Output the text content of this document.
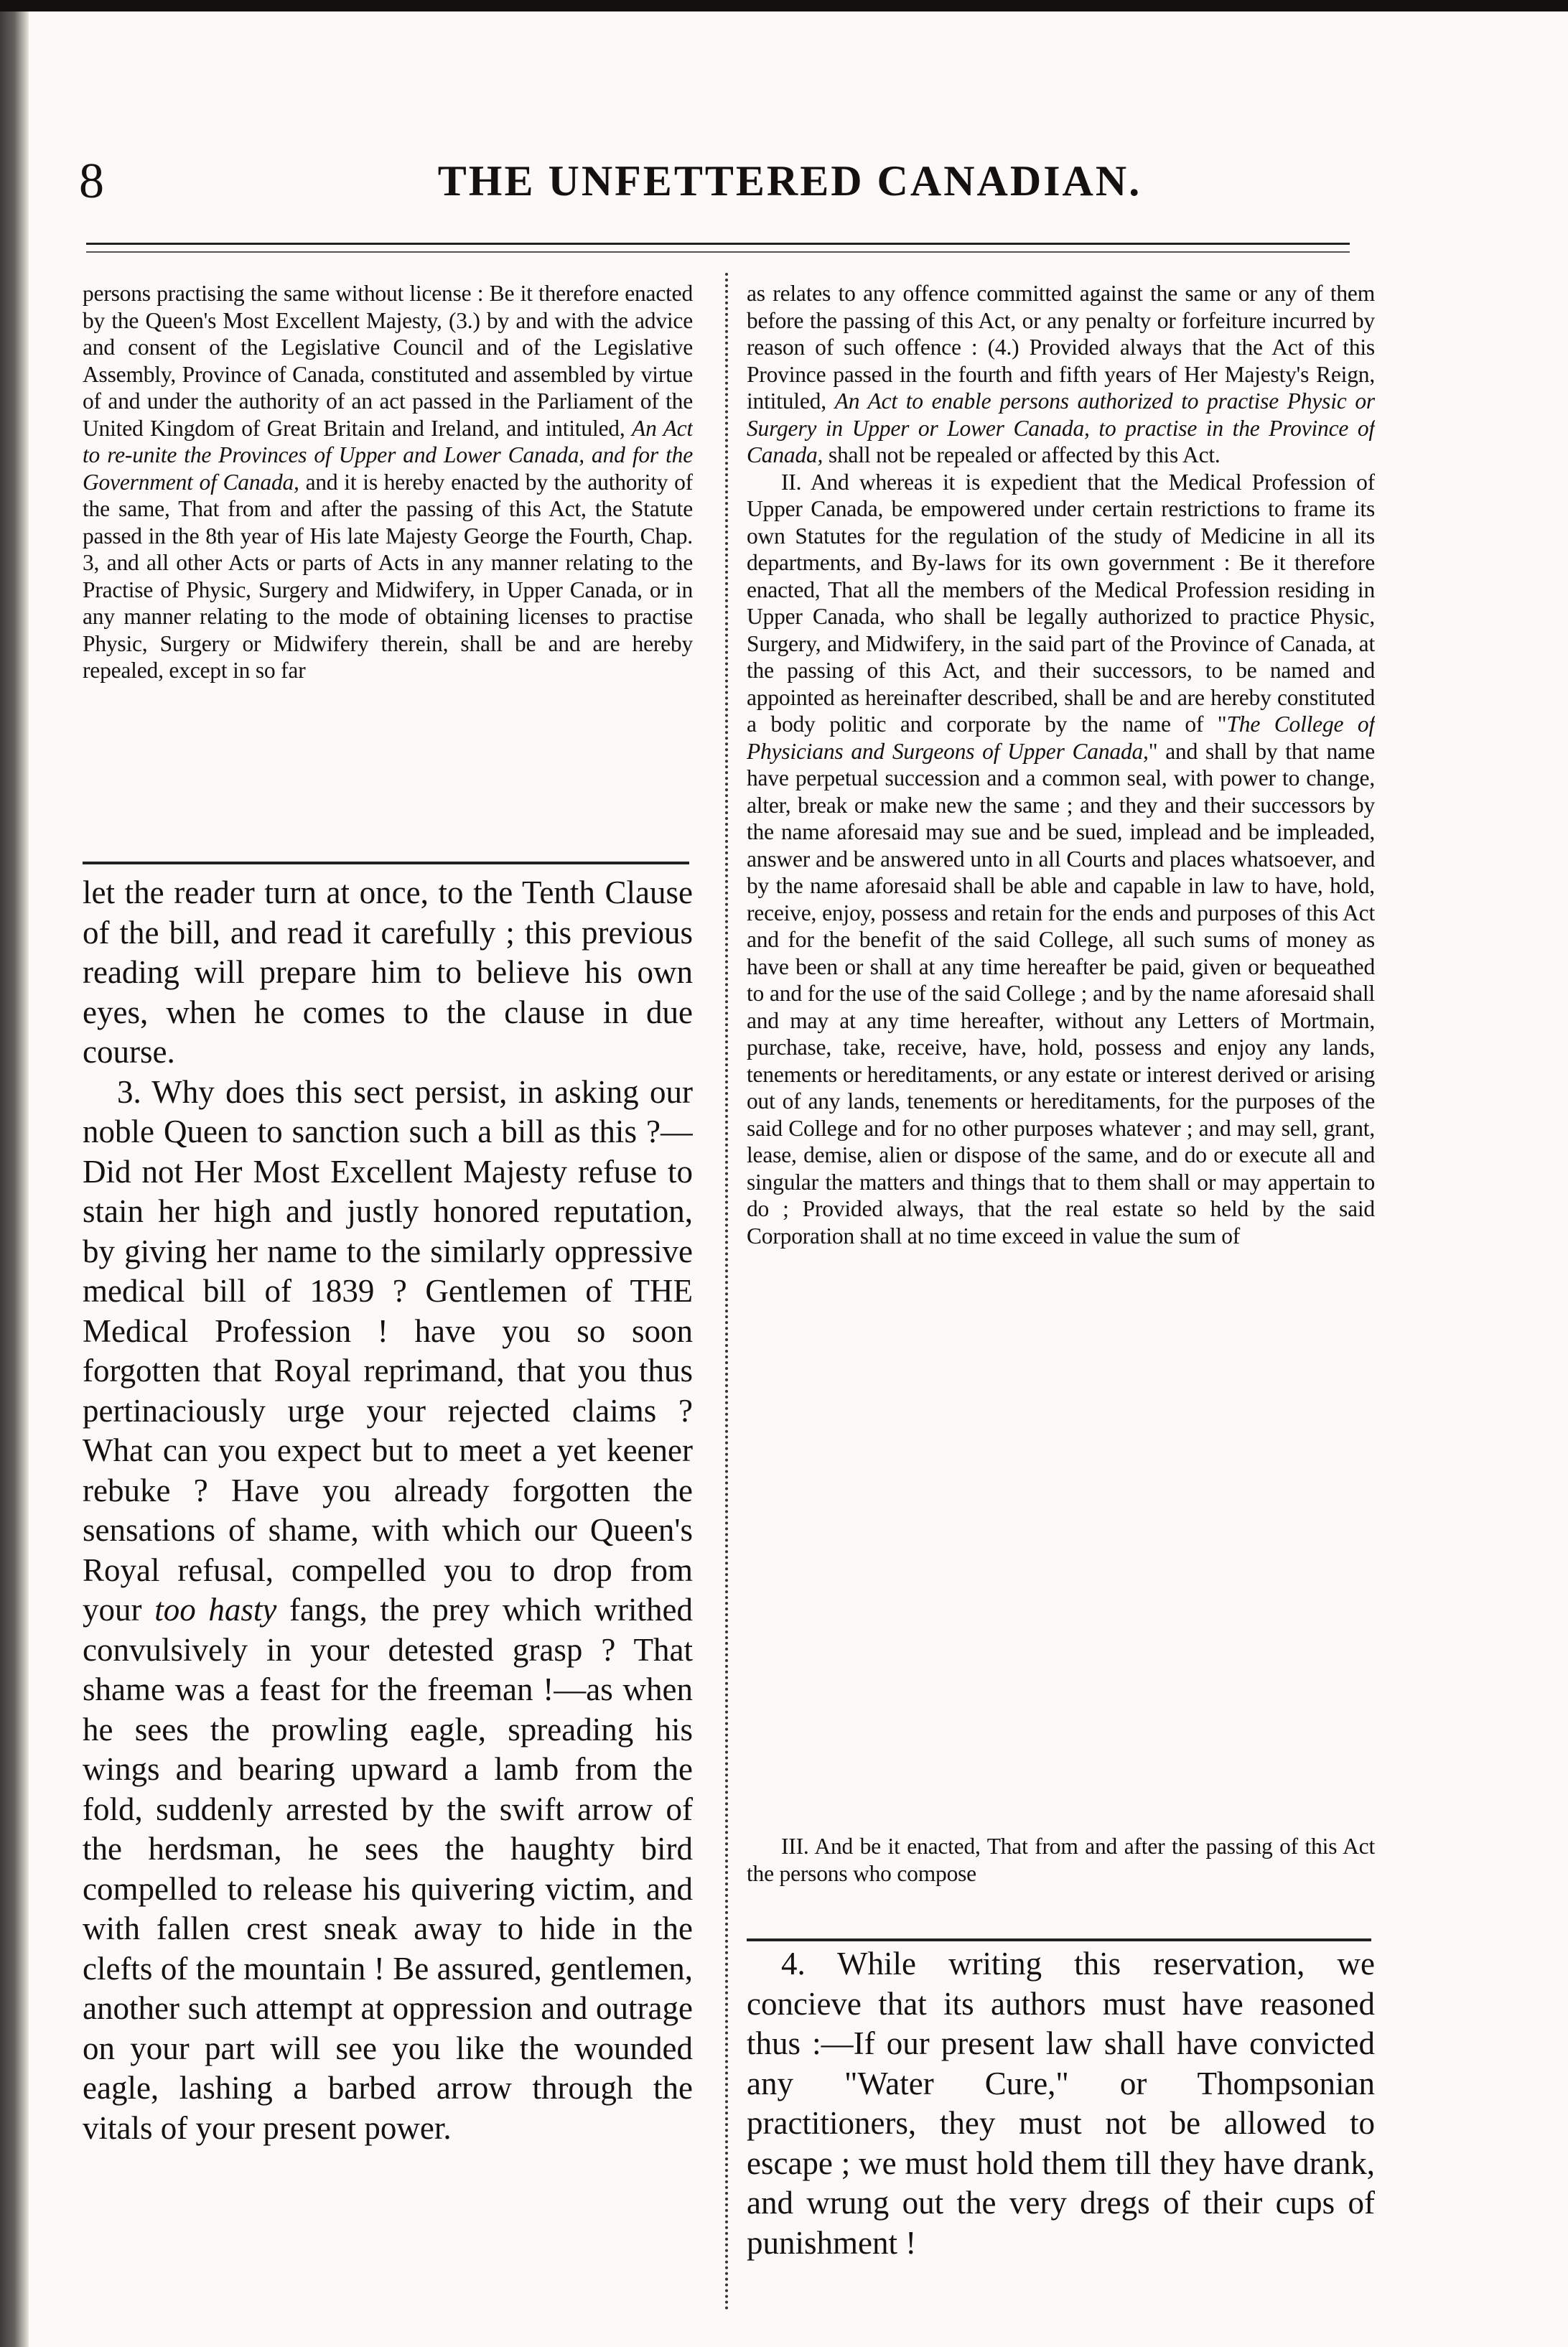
8	THE UNFETTERED CANADIAN.

persons practising the same without license : Be it therefore enacted by the Queen's Most Excellent Majesty, (3.) by and with the advice and consent of the Legislative Council and of the Legislative Assembly, Province of Canada, constituted and assembled by virtue of and under the authority of an act passed in the Parliament of the United Kingdom of Great Britain and Ireland, and intituled, An Act to re-unite the Provinces of Upper and Lower Canada, and for the Government of Canada, and it is hereby enacted by the authority of the same, That from and after the passing of this Act, the Statute passed in the 8th year of His late Majesty George the Fourth, Chap. 3, and all other Acts or parts of Acts in any manner relating to the Practise of Physic, Surgery and Midwifery, in Upper Canada, or in any manner relating to the mode of obtaining licenses to practise Physic, Surgery or Midwifery therein, shall be and are hereby repealed, except in so far

let the reader turn at once, to the Tenth Clause of the bill, and read it carefully ; this previous reading will prepare him to believe his own eyes, when he comes to the clause in due course.

3. Why does this sect persist, in asking our noble Queen to sanction such a bill as this ?—Did not Her Most Excellent Majesty refuse to stain her high and justly honored reputation, by giving her name to the similarly oppressive medical bill of 1839 ? Gentlemen of THE Medical Profession ! have you so soon forgotten that Royal reprimand, that you thus pertinaciously urge your rejected claims ? What can you expect but to meet a yet keener rebuke ? Have you already forgotten the sensations of shame, with which our Queen's Royal refusal, compelled you to drop from your too hasty fangs, the prey which writhed convulsively in your detested grasp ? That shame was a feast for the freeman !—as when he sees the prowling eagle, spreading his wings and bearing upward a lamb from the fold, suddenly arrested by the swift arrow of the herdsman, he sees the haughty bird compelled to release his quivering victim, and with fallen crest sneak away to hide in the clefts of the mountain ! Be assured, gentlemen, another such attempt at oppression and outrage on your part will see you like the wounded eagle, lashing a barbed arrow through the vitals of your present power.

as relates to any offence committed against the same or any of them before the passing of this Act, or any penalty or forfeiture incurred by reason of such offence : (4.) Provided always that the Act of this Province passed in the fourth and fifth years of Her Majesty's Reign, intituled, An Act to enable persons authorized to practise Physic or Surgery in Upper or Lower Canada, to practise in the Province of Canada, shall not be repealed or affected by this Act.

II. And whereas it is expedient that the Medical Profession of Upper Canada, be empowered under certain restrictions to frame its own Statutes for the regulation of the study of Medicine in all its departments, and By-laws for its own government : Be it therefore enacted, That all the members of the Medical Profession residing in Upper Canada, who shall be legally authorized to practice Physic, Surgery, and Midwifery, in the said part of the Province of Canada, at the passing of this Act, and their successors, to be named and appointed as hereinafter described, shall be and are hereby constituted a body politic and corporate by the name of "The College of Physicians and Surgeons of Upper Canada," and shall by that name have perpetual succession and a common seal, with power to change, alter, break or make new the same ; and they and their successors by the name aforesaid may sue and be sued, implead and be impleaded, answer and be answered unto in all Courts and places whatsoever, and by the name aforesaid shall be able and capable in law to have, hold, receive, enjoy, possess and retain for the ends and purposes of this Act and for the benefit of the said College, all such sums of money as have been or shall at any time hereafter be paid, given or bequeathed to and for the use of the said College ; and by the name aforesaid shall and may at any time hereafter, without any Letters of Mortmain, purchase, take, receive, have, hold, possess and enjoy any lands, tenements or hereditaments, or any estate or interest derived or arising out of any lands, tenements or hereditaments, for the purposes of the said College and for no other purposes whatever ; and may sell, grant, lease, demise, alien or dispose of the same, and do or execute all and singular the matters and things that to them shall or may appertain to do ; Provided always, that the real estate so held by the said Corporation shall at no time exceed in value the sum of

III. And be it enacted, That from and after the passing of this Act the persons who compose

4. While writing this reservation, we concieve that its authors must have reasoned thus :—If our present law shall have convicted any "Water Cure," or Thompsonian practitioners, they must not be allowed to escape ; we must hold them till they have drank, and wrung out the very dregs of their cups of punishment !
